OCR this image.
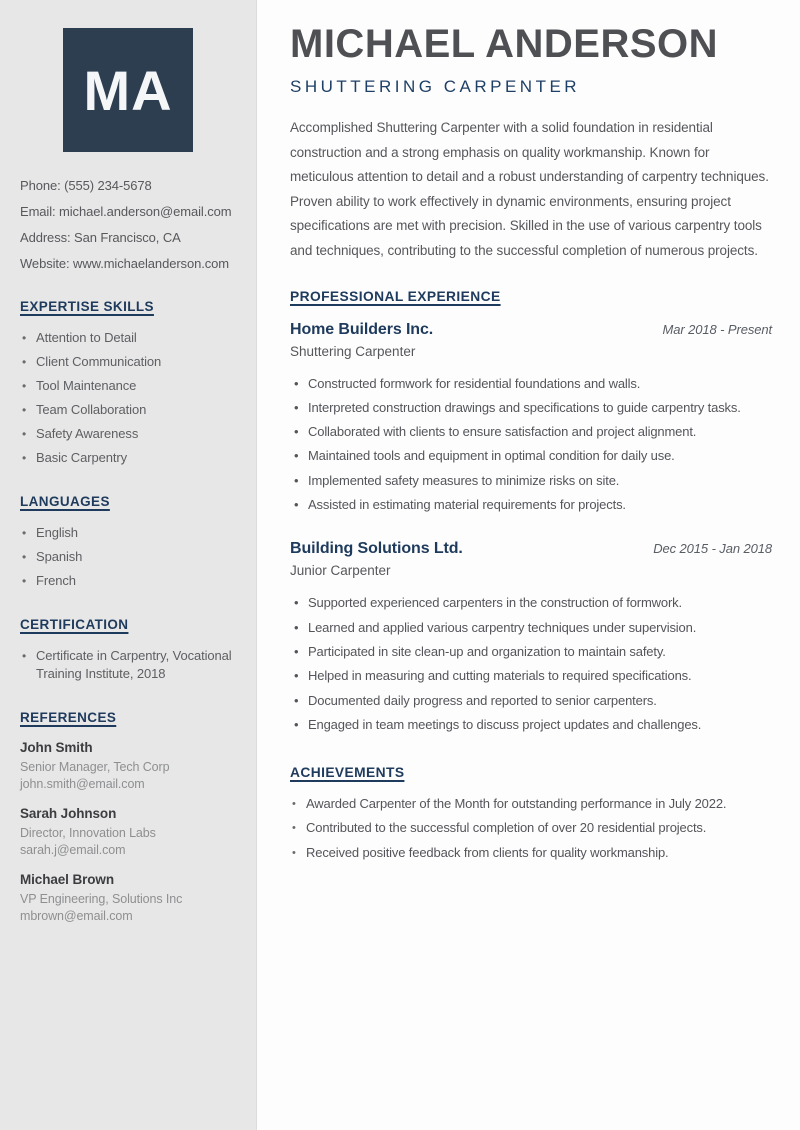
MA
Phone: (555) 234-5678
Email: michael.anderson@email.com
Address: San Francisco, CA
Website: www.michaelanderson.com
EXPERTISE SKILLS
• Attention to Detail
• Client Communication
• Tool Maintenance
• Team Collaboration
• Safety Awareness
• Basic Carpentry
LANGUAGES
• English
• Spanish
• French
CERTIFICATION
• Certificate in Carpentry, Vocational Training Institute, 2018
REFERENCES
John Smith
Senior Manager, Tech Corp
john.smith@email.com
Sarah Johnson
Director, Innovation Labs
sarah.j@email.com
Michael Brown
VP Engineering, Solutions Inc
mbrown@email.com
MICHAEL ANDERSON
SHUTTERING CARPENTER

Accomplished Shuttering Carpenter with a solid foundation in residential construction and a strong emphasis on quality workmanship. Known for meticulous attention to detail and a robust understanding of carpentry techniques. Proven ability to work effectively in dynamic environments, ensuring project specifications are met with precision. Skilled in the use of various carpentry tools and techniques, contributing to the successful completion of numerous projects.

PROFESSIONAL EXPERIENCE
Home Builders Inc.	Mar 2018 - Present
Shuttering Carpenter
• Constructed formwork for residential foundations and walls.
• Interpreted construction drawings and specifications to guide carpentry tasks.
• Collaborated with clients to ensure satisfaction and project alignment.
• Maintained tools and equipment in optimal condition for daily use.
• Implemented safety measures to minimize risks on site.
• Assisted in estimating material requirements for projects.
Building Solutions Ltd.	Dec 2015 - Jan 2018
Junior Carpenter
• Supported experienced carpenters in the construction of formwork.
• Learned and applied various carpentry techniques under supervision.
• Participated in site clean-up and organization to maintain safety.
• Helped in measuring and cutting materials to required specifications.
• Documented daily progress and reported to senior carpenters.
• Engaged in team meetings to discuss project updates and challenges.
ACHIEVEMENTS
• Awarded Carpenter of the Month for outstanding performance in July 2022.
• Contributed to the successful completion of over 20 residential projects.
• Received positive feedback from clients for quality workmanship.
